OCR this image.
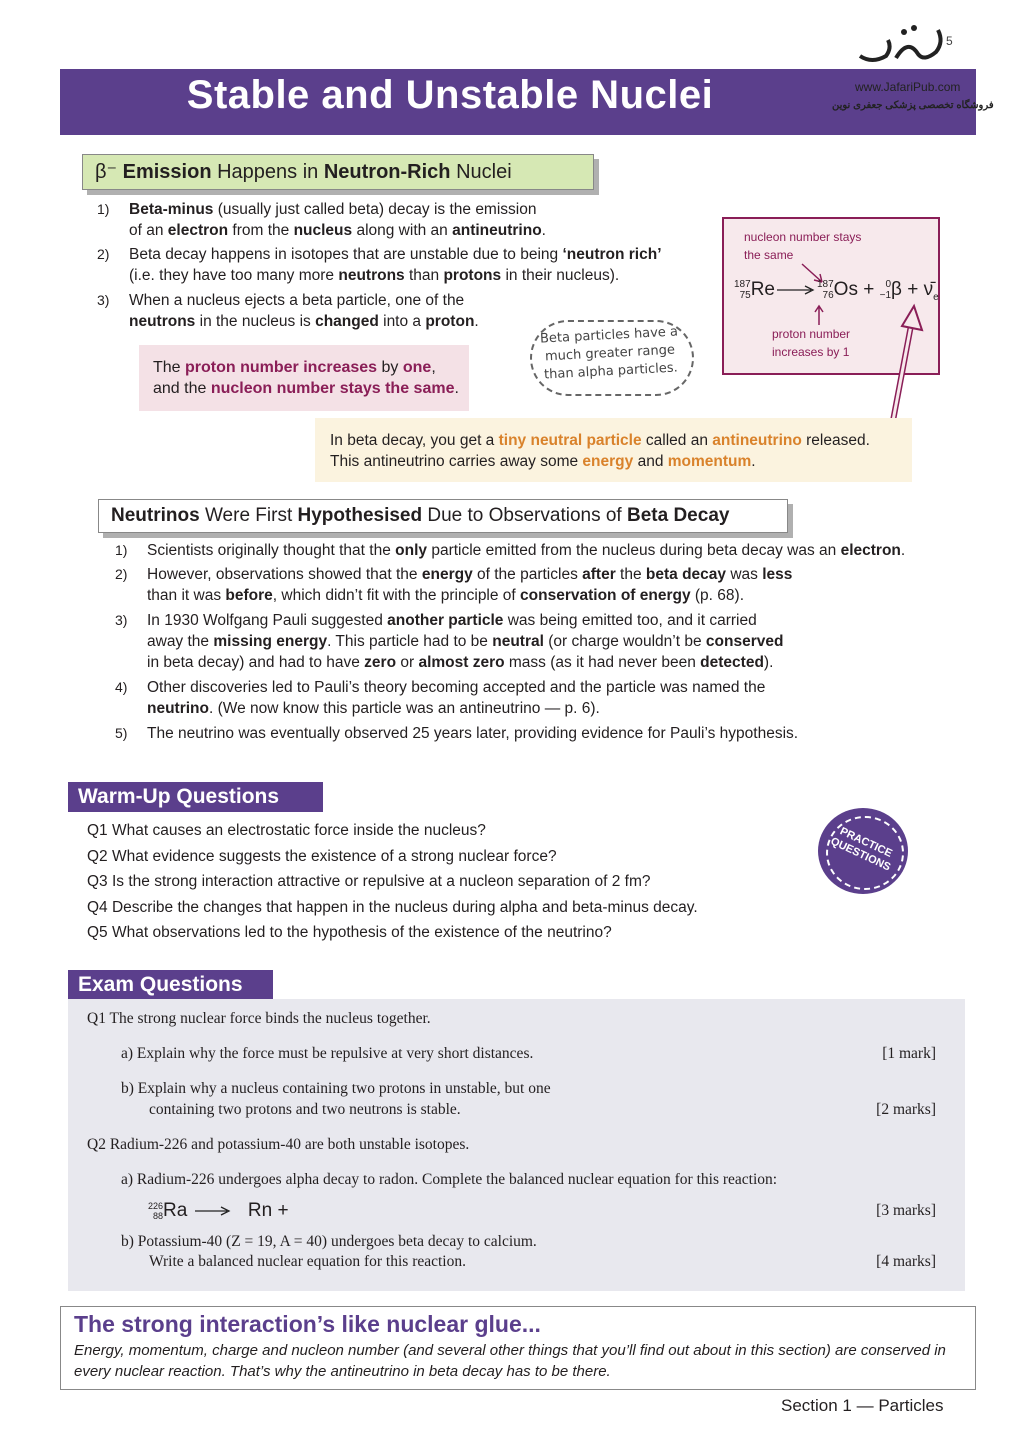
Stable and Unstable Nuclei
5
www.JafariPub.com
فروشگاه تخصصی پزشکی جعفری نوین
β⁻ Emission Happens in Neutron-Rich Nuclei
1)	Beta-minus (usually just called beta) decay is the emission
of an electron from the nucleus along with an antineutrino.
2)	Beta decay happens in isotopes that are unstable due to being ‘neutron rich’
(i.e. they have too many more neutrons than protons in their nucleus).
3)	When a nucleus ejects a beta particle, one of the
neutrons in the nucleus is changed into a proton.
The proton number increases by one,
and the nucleon number stays the same.
Beta particles have a much greater range than alpha particles.
nucleon number stays the same
187
75Re→187
76Os + 0
$-1\beta + \nū_e$
proton number increases by 1
In beta decay, you get a tiny neutral particle called an antineutrino released.
This antineutrino carries away some energy and momentum.
Neutrinos Were First Hypothesised Due to Observations of Beta Decay
1)	Scientists originally thought that the only particle emitted from the nucleus during beta decay was an electron.
2)	However, observations showed that the energy of the particles after the beta decay was less
than it was before, which didn’t fit with the principle of conservation of energy (p. 68).
3)	In 1930 Wolfgang Pauli suggested another particle was being emitted too, and it carried
away the missing energy. This particle had to be neutral (or charge wouldn’t be conserved
in beta decay) and had to have zero or almost zero mass (as it had never been detected).
4)	Other discoveries led to Pauli’s theory becoming accepted and the particle was named the
neutrino. (We now know this particle was an antineutrino — p. 6).
5)	The neutrino was eventually observed 25 years later, providing evidence for Pauli’s hypothesis.
Warm-Up Questions
Q1 What causes an electrostatic force inside the nucleus?
Q2 What evidence suggests the existence of a strong nuclear force?
Q3 Is the strong interaction attractive or repulsive at a nucleon separation of 2 fm?
Q4 Describe the changes that happen in the nucleus during alpha and beta-minus decay.
Q5 What observations led to the hypothesis of the existence of the neutrino?
PRACTICE QUESTIONS
Exam Questions
Q1 The strong nuclear force binds the nucleus together.
a) Explain why the force must be repulsive at very short distances.	[1 mark]
b) Explain why a nucleus containing two protons in unstable, but one
containing two protons and two neutrons is stable.	[2 marks]
Q2 Radium-226 and potassium-40 are both unstable isotopes.
a) Radium-226 undergoes alpha decay to radon. Complete the balanced nuclear equation for this reaction:
226
88Ra → Rn +	[3 marks]
b) Potassium-40 (Z = 19, A = 40) undergoes beta decay to calcium.
Write a balanced nuclear equation for this reaction.	[4 marks]
The strong interaction’s like nuclear glue...
Energy, momentum, charge and nucleon number (and several other things that you’ll find out about in this section) are conserved in every nuclear reaction. That’s why the antineutrino in beta decay has to be there.
Section 1 — Particles
